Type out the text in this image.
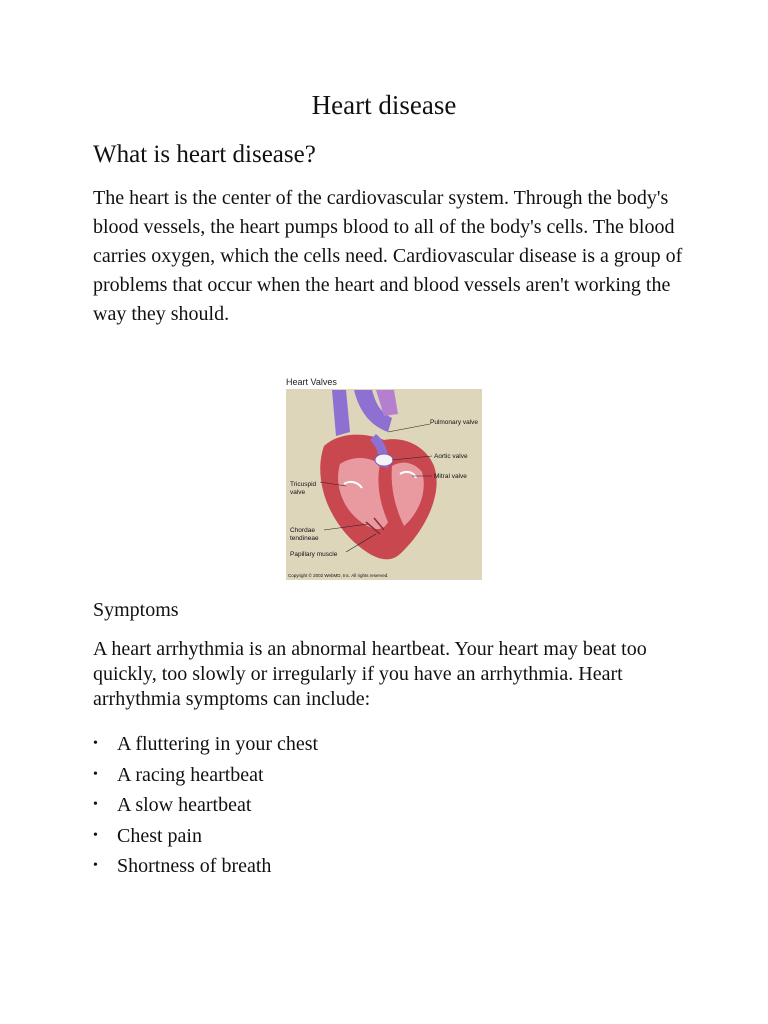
Heart disease
What is heart disease?

The heart is the center of the cardiovascular system. Through the body's blood vessels, the heart pumps blood to all of the body's cells. The blood carries oxygen, which the cells need. Cardiovascular disease is a group of problems that occur when the heart and blood vessels aren't working the way they should.

Heart Valves
Pulmonary valve
Aortic valve
Mitral valve
Tricuspid
valve
Chordae
tendineae
Papillary muscle
Copyright © 2002 WebMD, Inc. All rights reserved.
Symptoms

A heart arrhythmia is an abnormal heartbeat. Your heart may beat too quickly, too slowly or irregularly if you have an arrhythmia. Heart arrhythmia symptoms can include:

• A fluttering in your chest
• A racing heartbeat
• A slow heartbeat
• Chest pain
• Shortness of breath
